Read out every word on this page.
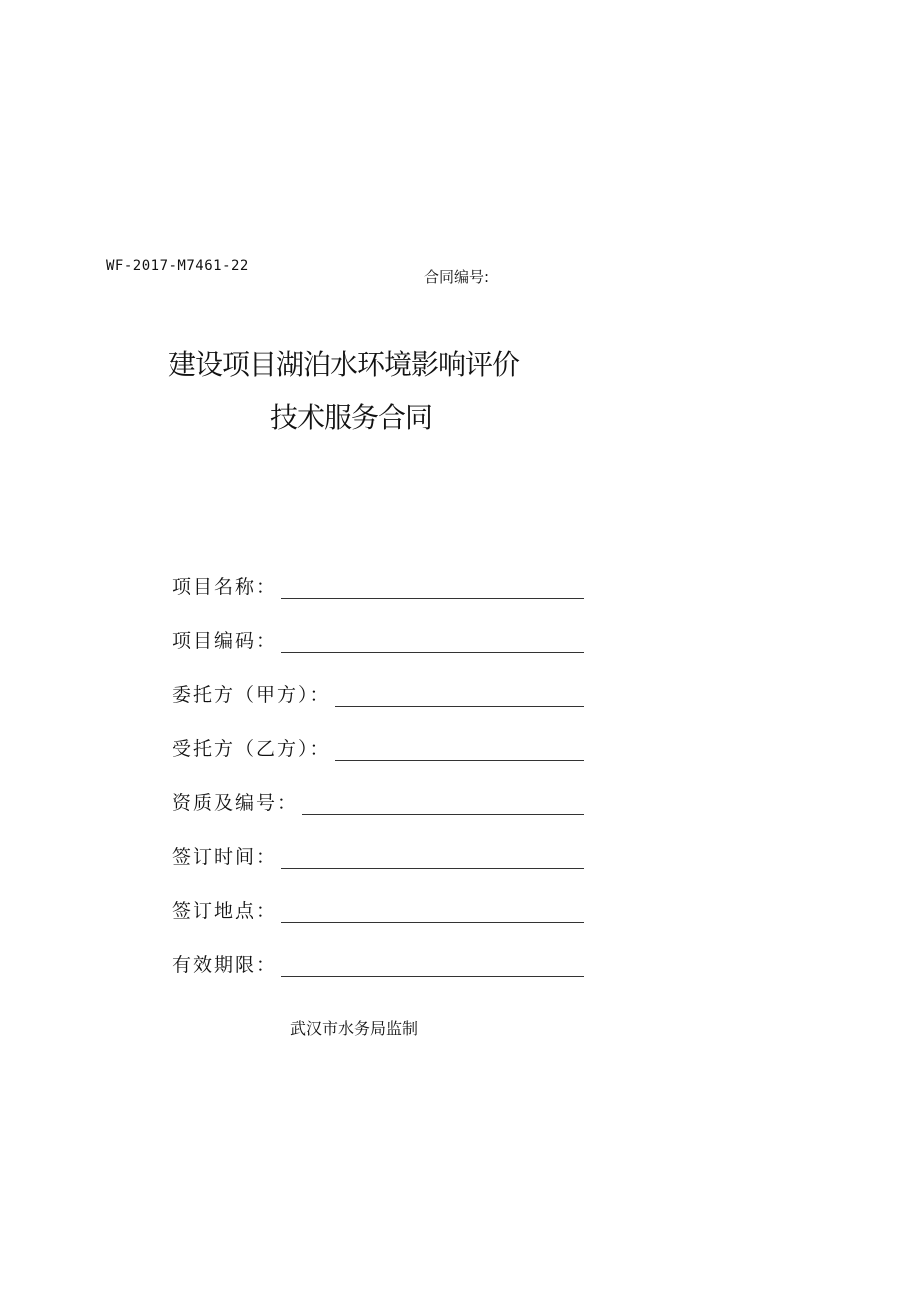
WF-2017-M7461-22
合同编号:
建设项目湖泊水环境影响评价
技术服务合同
项目名称：
项目编码：
委托方（甲方）：
受托方（乙方）：
资质及编号：
签订时间：
签订地点：
有效期限：
武汉市水务局监制
